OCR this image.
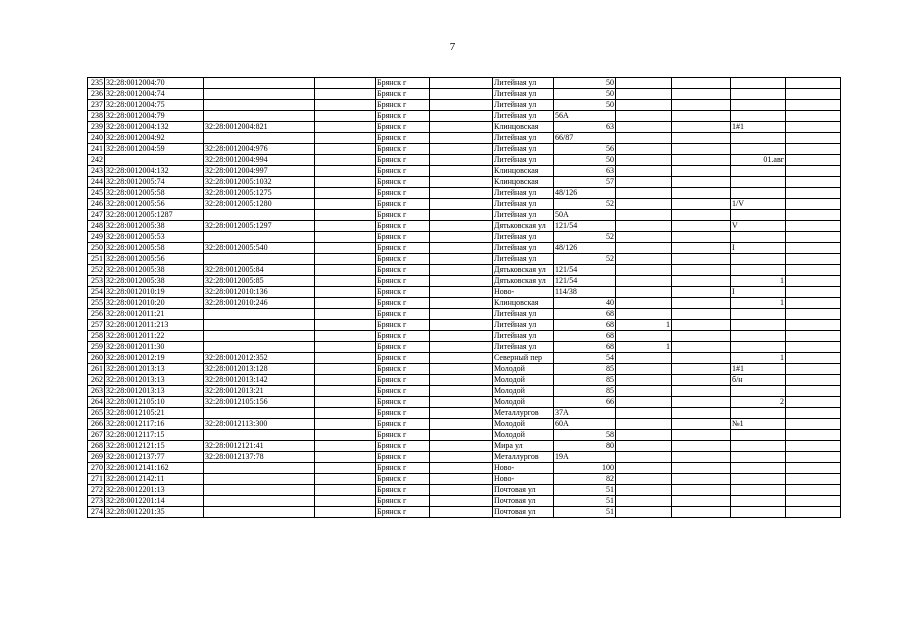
7
235	32:28:0012004:70			Брянск г		Литейная ул	50				
236	32:28:0012004:74			Брянск г		Литейная ул	50				
237	32:28:0012004:75			Брянск г		Литейная ул	50				
238	32:28:0012004:79			Брянск г		Литейная ул	56А				
239	32:28:0012004:132	32:28:0012004:821		Брянск г		Клинцовская	63			1#1	
240	32:28:0012004:92			Брянск г		Литейная ул	66/87				
241	32:28:0012004:59	32:28:0012004:976		Брянск г		Литейная ул	56				
242		32:28:0012004:994		Брянск г		Литейная ул	50			01.авг	
243	32:28:0012004:132	32:28:0012004:997		Брянск г		Клинцовская	63				
244	32:28:0012005:74	32:28:0012005:1032		Брянск г		Клинцовская	57				
245	32:28:0012005:58	32:28:0012005:1275		Брянск г		Литейная ул	48/126				
246	32:28:0012005:56	32:28:0012005:1280		Брянск г		Литейная ул	52			1/V	
247	32:28:0012005:1287			Брянск г		Литейная ул	50А				
248	32:28:0012005:38	32:28:0012005:1297		Брянск г		Дятьковская ул	121/54			V	
249	32:28:0012005:53			Брянск г		Литейная ул	52				
250	32:28:0012005:58	32:28:0012005:540		Брянск г		Литейная ул	48/126			I	
251	32:28:0012005:56			Брянск г		Литейная ул	52				
252	32:28:0012005:38	32:28:0012005:84		Брянск г		Дятьковская ул	121/54				
253	32:28:0012005:38	32:28:0012005:85		Брянск г		Дятьковская ул	121/54			1	
254	32:28:0012010:19	32:28:0012010:136		Брянск г		Ново-	114/38			I	
255	32:28:0012010:20	32:28:0012010:246		Брянск г		Клинцовская	40			1	
256	32:28:0012011:21			Брянск г		Литейная ул	68				
257	32:28:0012011:213			Брянск г		Литейная ул	68	1			
258	32:28:0012011:22			Брянск г		Литейная ул	68				
259	32:28:0012011:30			Брянск г		Литейная ул	68	1			
260	32:28:0012012:19	32:28:0012012:352		Брянск г		Северный пер	54			1	
261	32:28:0012013:13	32:28:0012013:128		Брянск г		Молодой	85			1#1	
262	32:28:0012013:13	32:28:0012013:142		Брянск г		Молодой	85			б/н	
263	32:28:0012013:13	32:28:0012013:21		Брянск г		Молодой	85				
264	32:28:0012105:10	32:28:0012105:156		Брянск г		Молодой	66			2	
265	32:28:0012105:21			Брянск г		Металлургов	37А				
266	32:28:0012117:16	32:28:0012113:300		Брянск г		Молодой	60А			№1	
267	32:28:0012117:15			Брянск г		Молодой	58				
268	32:28:0012121:15	32:28:0012121:41		Брянск г		Мира ул	80				
269	32:28:0012137:77	32:28:0012137:78		Брянск г		Металлургов	19А				
270	32:28:0012141:162			Брянск г		Ново-	100				
271	32:28:0012142:11			Брянск г		Ново-	82				
272	32:28:0012201:13			Брянск г		Почтовая ул	51				
273	32:28:0012201:14			Брянск г		Почтовая ул	51				
274	32:28:0012201:35			Брянск г		Почтовая ул	51				
